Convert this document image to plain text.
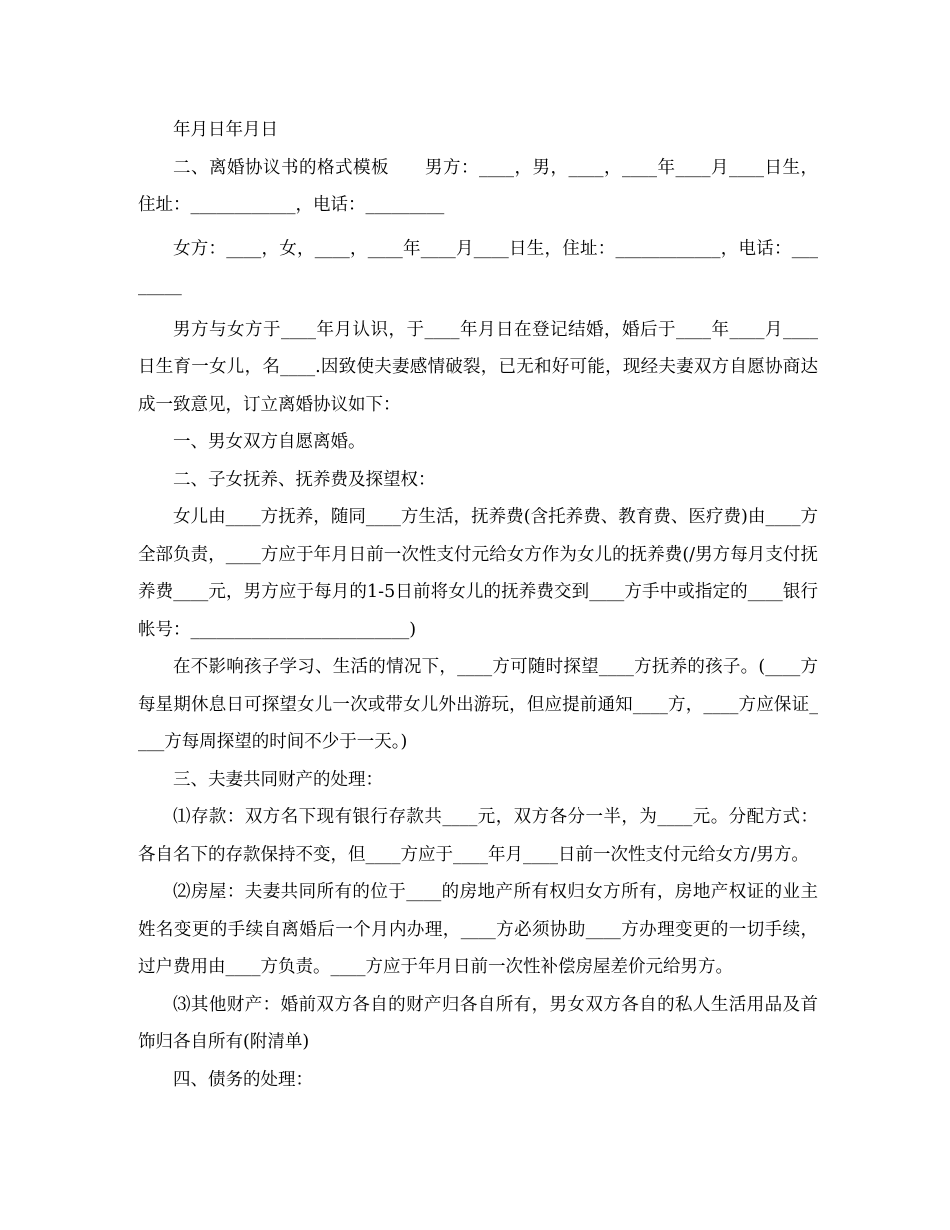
年月日年月日

二、离婚协议书的格式模板　　男方：____，男，____，____年____月____日生，住址：____________，电话：_________

女方：____，女，____，____年____月____日生，住址：____________，电话：________

男方与女方于____年月认识，于____年月日在登记结婚，婚后于____年____月____日生育一女儿，名____.因致使夫妻感情破裂，已无和好可能，现经夫妻双方自愿协商达成一致意见，订立离婚协议如下：

一、男女双方自愿离婚。

二、子女抚养、抚养费及探望权：

女儿由____方抚养，随同____方生活，抚养费(含托养费、教育费、医疗费)由____方全部负责，____方应于年月日前一次性支付元给女方作为女儿的抚养费(/男方每月支付抚养费____元，男方应于每月的1-5日前将女儿的抚养费交到____方手中或指定的____银行帐号：_________________________)

在不影响孩子学习、生活的情况下，____方可随时探望____方抚养的孩子。(____方每星期休息日可探望女儿一次或带女儿外出游玩，但应提前通知____方，____方应保证____方每周探望的时间不少于一天。)

三、夫妻共同财产的处理：

⑴存款：双方名下现有银行存款共____元，双方各分一半，为____元。分配方式：各自名下的存款保持不变，但____方应于____年月____日前一次性支付元给女方/男方。

⑵房屋：夫妻共同所有的位于____的房地产所有权归女方所有，房地产权证的业主姓名变更的手续自离婚后一个月内办理，____方必须协助____方办理变更的一切手续，过户费用由____方负责。____方应于年月日前一次性补偿房屋差价元给男方。

⑶其他财产：婚前双方各自的财产归各自所有，男女双方各自的私人生活用品及首饰归各自所有(附清单)

四、债务的处理：
